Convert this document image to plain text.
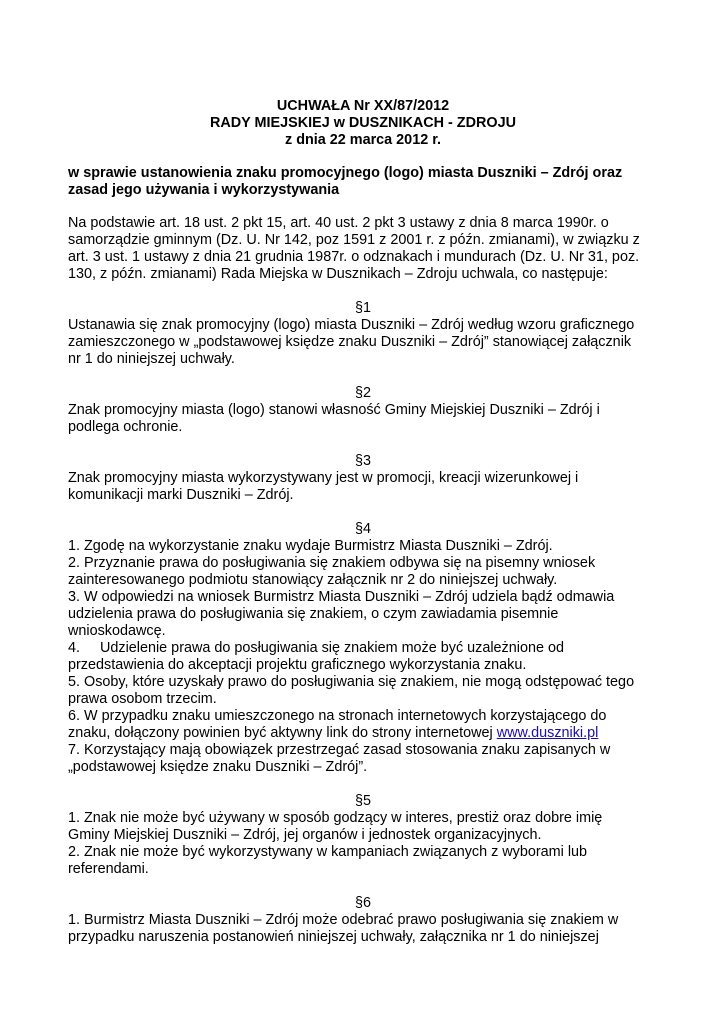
UCHWAŁA Nr XX/87/2012
RADY MIEJSKIEJ w DUSZNIKACH - ZDROJU
z dnia 22 marca 2012 r.
w sprawie ustanowienia znaku promocyjnego (logo) miasta Duszniki – Zdrój oraz
zasad jego używania i wykorzystywania
Na podstawie art. 18 ust. 2 pkt 15, art. 40 ust. 2 pkt 3 ustawy z dnia 8 marca 1990r. o
samorządzie gminnym (Dz. U. Nr 142, poz 1591 z 2001 r. z późn. zmianami), w związku z
art. 3 ust. 1 ustawy z dnia 21 grudnia 1987r. o odznakach i mundurach (Dz. U. Nr 31, poz.
130, z późn. zmianami) Rada Miejska w Dusznikach – Zdroju uchwala, co następuje:
§1
Ustanawia się znak promocyjny (logo) miasta Duszniki – Zdrój według wzoru graficznego
zamieszczonego w „podstawowej księdze znaku Duszniki – Zdrój” stanowiącej załącznik
nr 1 do niniejszej uchwały.
§2
Znak promocyjny miasta (logo) stanowi własność Gminy Miejskiej Duszniki – Zdrój i
podlega ochronie.
§3
Znak promocyjny miasta wykorzystywany jest w promocji, kreacji wizerunkowej i
komunikacji marki Duszniki – Zdrój.
§4
1. Zgodę na wykorzystanie znaku wydaje Burmistrz Miasta Duszniki – Zdrój.
2. Przyznanie prawa do posługiwania się znakiem odbywa się na pisemny wniosek
zainteresowanego podmiotu stanowiący załącznik nr 2 do niniejszej uchwały.
3. W odpowiedzi na wniosek Burmistrz Miasta Duszniki – Zdrój udziela bądź odmawia
udzielenia prawa do posługiwania się znakiem, o czym zawiadamia pisemnie
wnioskodawcę.
4.     Udzielenie prawa do posługiwania się znakiem może być uzależnione od
przedstawienia do akceptacji projektu graficznego wykorzystania znaku.
5. Osoby, które uzyskały prawo do posługiwania się znakiem, nie mogą odstępować tego
prawa osobom trzecim.
6. W przypadku znaku umieszczonego na stronach internetowych korzystającego do
znaku, dołączony powinien być aktywny link do strony internetowej www.duszniki.pl
7. Korzystający mają obowiązek przestrzegać zasad stosowania znaku zapisanych w
„podstawowej księdze znaku Duszniki – Zdrój”.
§5
1. Znak nie może być używany w sposób godzący w interes, prestiż oraz dobre imię
Gminy Miejskiej Duszniki – Zdrój, jej organów i jednostek organizacyjnych.
2. Znak nie może być wykorzystywany w kampaniach związanych z wyborami lub
referendami.
§6
1. Burmistrz Miasta Duszniki – Zdrój może odebrać prawo posługiwania się znakiem w
przypadku naruszenia postanowień niniejszej uchwały, załącznika nr 1 do niniejszej
